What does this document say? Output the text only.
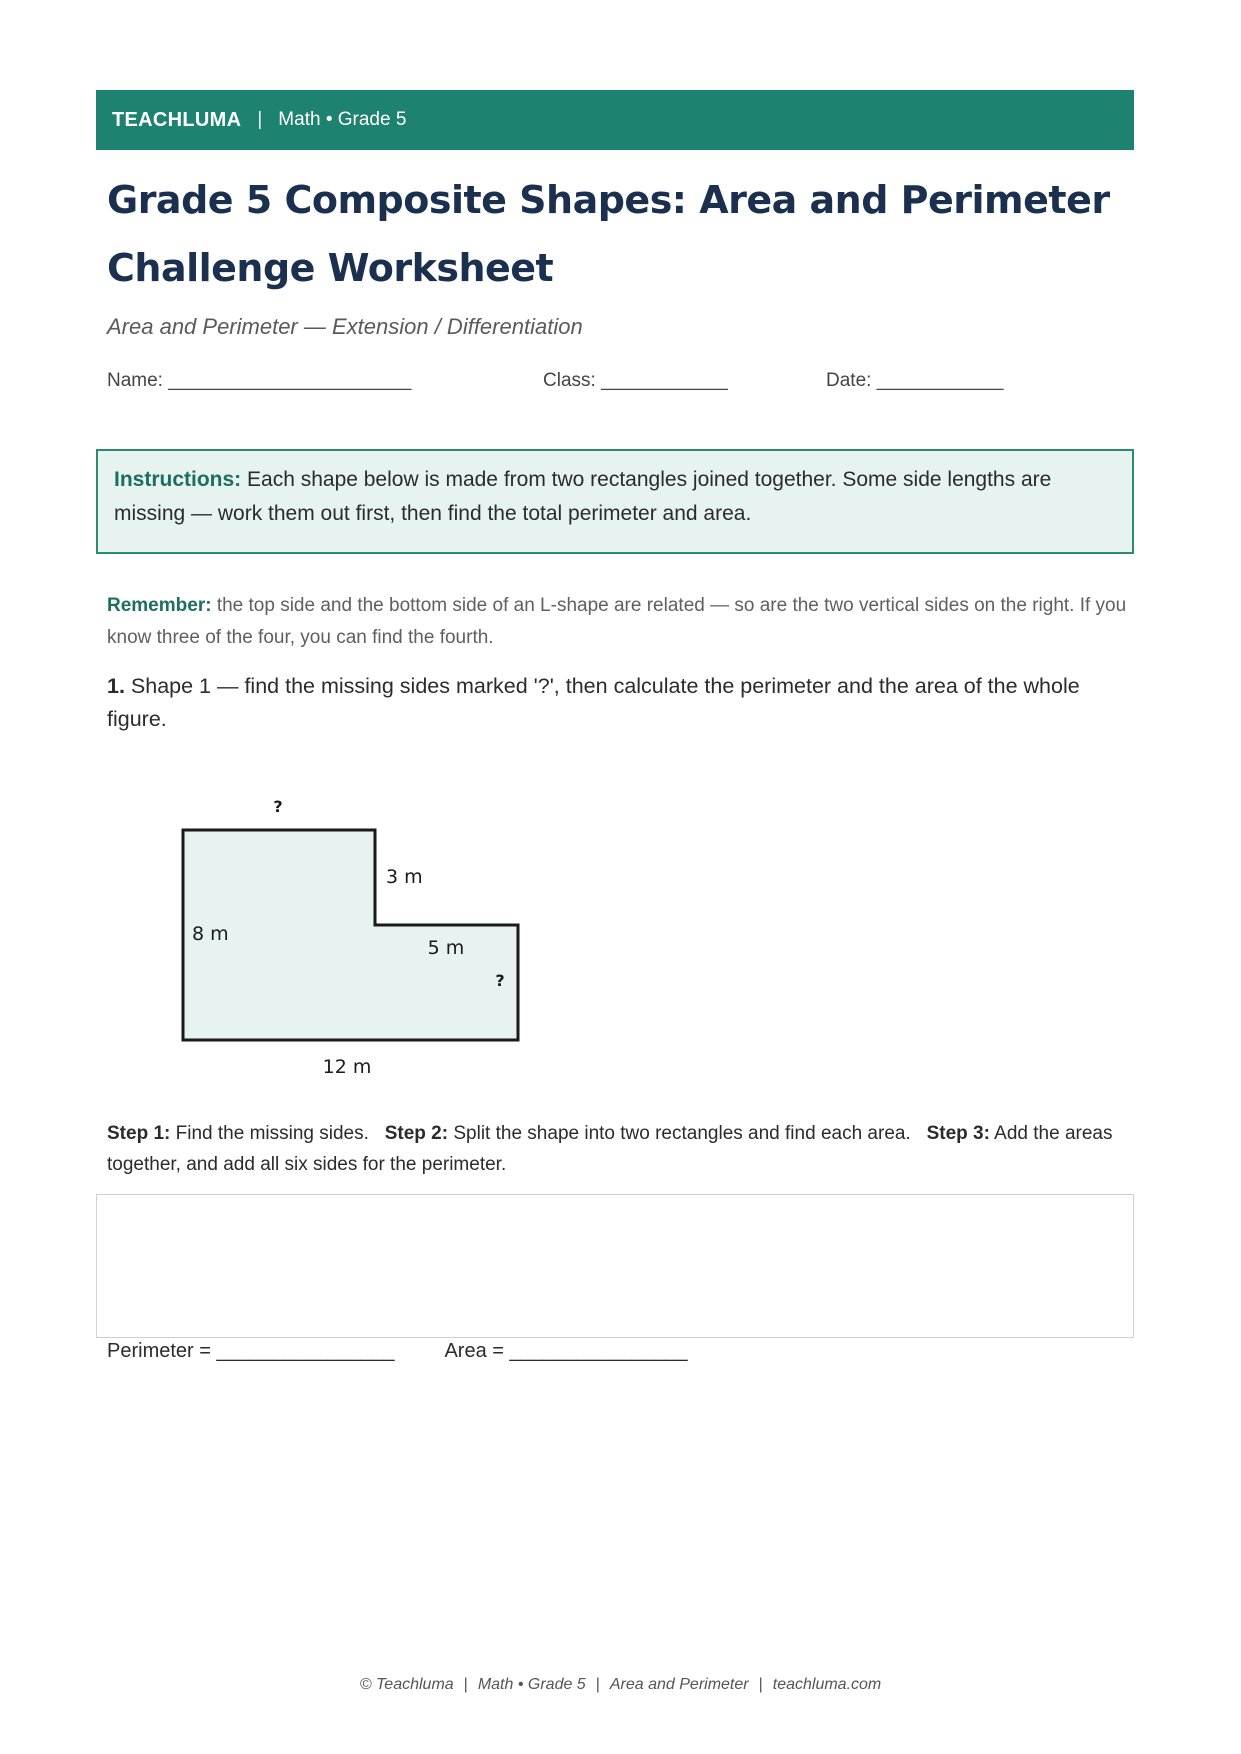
TEACHLUMA | Math • Grade 5
Grade 5 Composite Shapes: Area and Perimeter Challenge Worksheet
Area and Perimeter — Extension / Differentiation
Name: _______________________	Class: ____________	Date: ____________
Instructions: Each shape below is made from two rectangles joined together. Some side lengths are missing — work them out first, then find the total perimeter and area.
Remember: the top side and the bottom side of an L-shape are related — so are the two vertical sides on the right. If you know three of the four, you can find the fourth.
1. Shape 1 — find the missing sides marked '?', then calculate the perimeter and the area of the whole figure.
?
3 m
8 m
5 m
?
12 m
Step 1: Find the missing sides.   Step 2: Split the shape into two rectangles and find each area.   Step 3: Add the areas together, and add all six sides for the perimeter.
Perimeter = ________________	Area = ________________
© Teachluma | Math • Grade 5 | Area and Perimeter | teachluma.com
